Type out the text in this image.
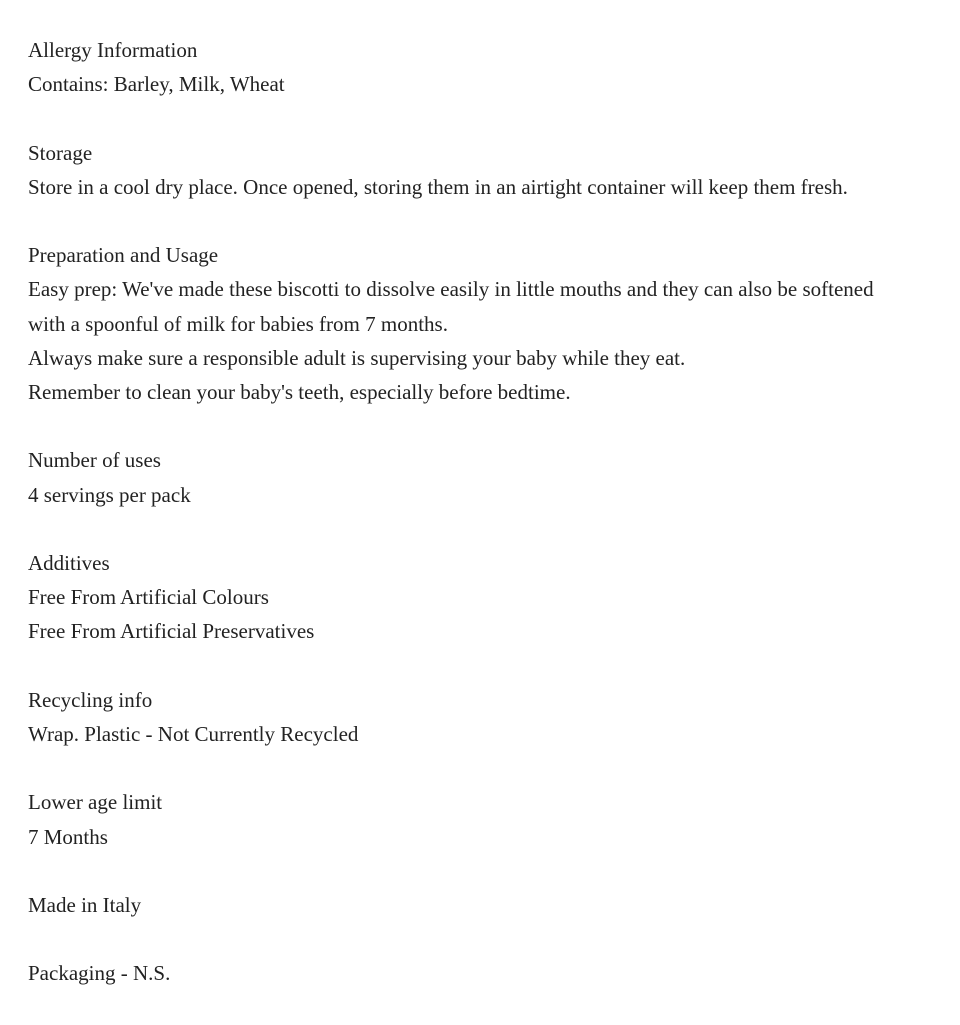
Allergy Information
Contains: Barley, Milk, Wheat
Storage
Store in a cool dry place. Once opened, storing them in an airtight container will keep them fresh.
Preparation and Usage
Easy prep: We've made these biscotti to dissolve easily in little mouths and they can also be softened with a spoonful of milk for babies from 7 months.
Always make sure a responsible adult is supervising your baby while they eat.
Remember to clean your baby's teeth, especially before bedtime.
Number of uses
4 servings per pack
Additives
Free From Artificial Colours
Free From Artificial Preservatives
Recycling info
Wrap. Plastic - Not Currently Recycled
Lower age limit
7 Months
Made in Italy
Packaging - N.S.
